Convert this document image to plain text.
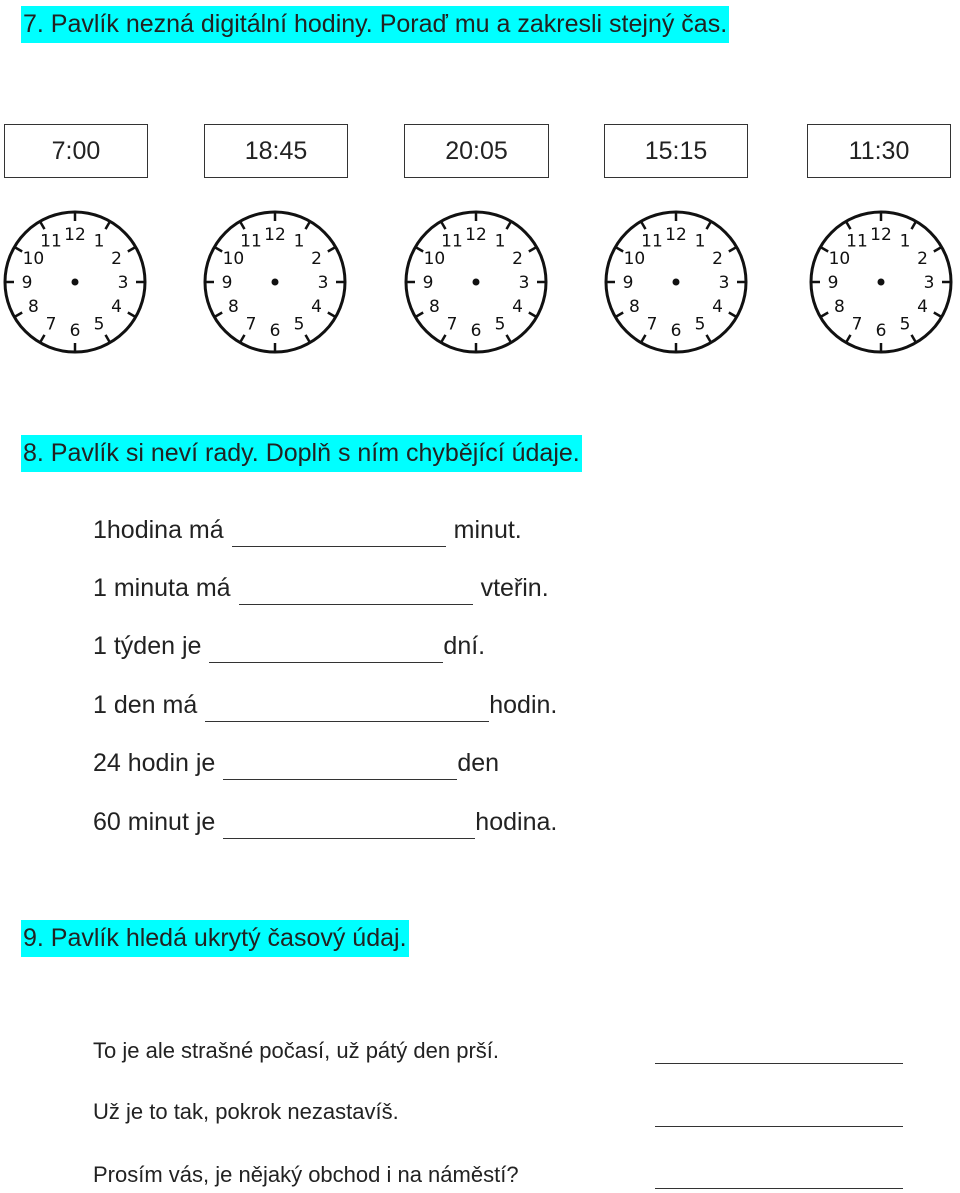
7. Pavlík nezná digitální hodiny. Poraď mu a zakresli stejný čas.
7:00	18:45	20:05	15:15	11:30
12 1
2
3
4
5
6
7
8
9
10
11	12 1
2
3
4
5
6
7
8
9
10
11	12 1
2
3
4
5
6
7
8
9
10
11	12 1
2
3
4
5
6
7
8
9
10
11	12 1
2
3
4
5
6
7
8
9
10
11
8. Pavlík si neví rady. Doplň s ním chybějící údaje.
1hodina má	minut.
1 minuta má	vteřin.
1 týden je	dní.
1 den má	hodin.
24 hodin je	den
60 minut je	hodina.
9. Pavlík hledá ukrytý časový údaj.
To je ale strašné počasí, už pátý den prší.
Už je to tak, pokrok nezastavíš.
Prosím vás, je nějaký obchod i na náměstí?
